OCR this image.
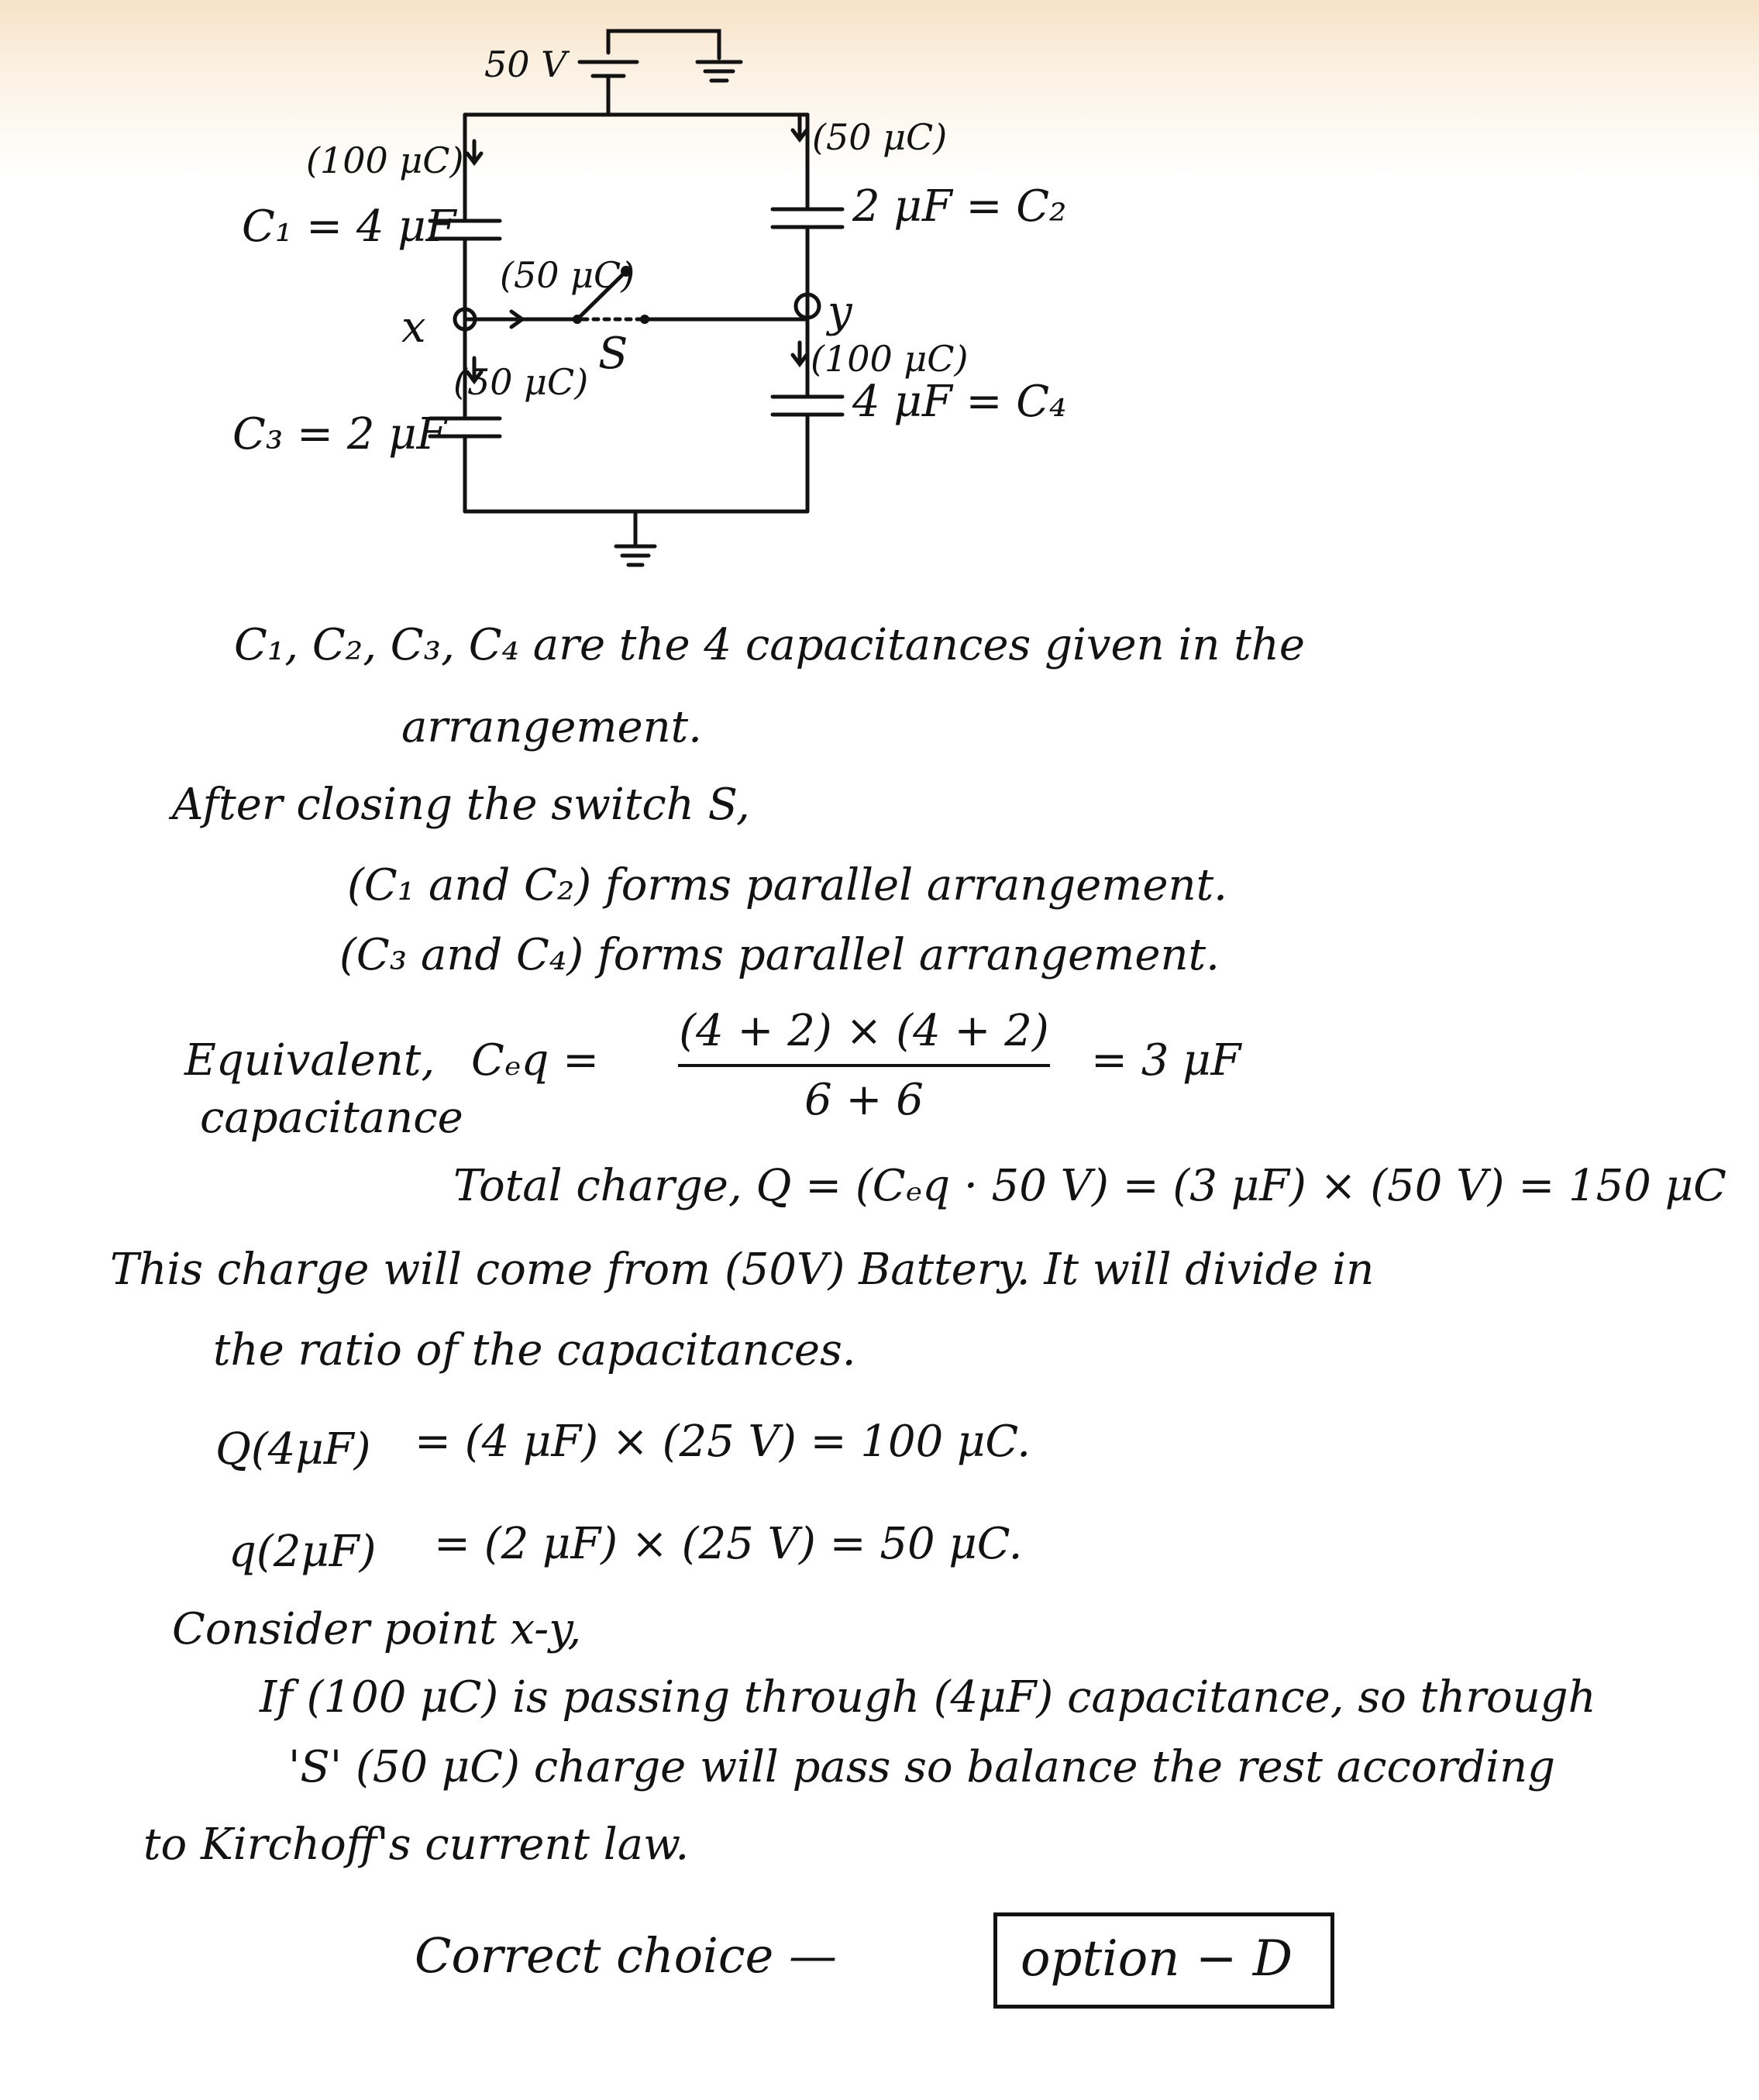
50 V
(100 μC)
(50 μC)
C₁ = 4 μF	2 μF = C₂
(50 μC)
x	y
S
(50 μC)
(100 μC)
4 μF = C₄
C₃ = 2 μF
C₁, C₂, C₃, C₄ are the 4 capacitances given in the
arrangement.
After closing the switch S,
(C₁ and C₂) forms parallel arrangement.
(C₃ and C₄) forms parallel arrangement.
Equivalent,
capacitance
Cₑq =
(4 + 2) × (4 + 2)
6 + 6
= 3 μF
Total charge, Q = (Cₑq · 50 V) = (3 μF) × (50 V) = 150 μC
This charge will come from (50V) Battery. It will divide in
the ratio of the capacitances.
Q(4μF) = (4 μF) × (25 V) = 100 μC.
q(2μF) = (2 μF) × (25 V) = 50 μC.
Consider point x-y,
If (100 μC) is passing through (4μF) capacitance, so through
'S' (50 μC) charge will pass so balance the rest according
to Kirchoff's current law.
Correct choice —	option − D
